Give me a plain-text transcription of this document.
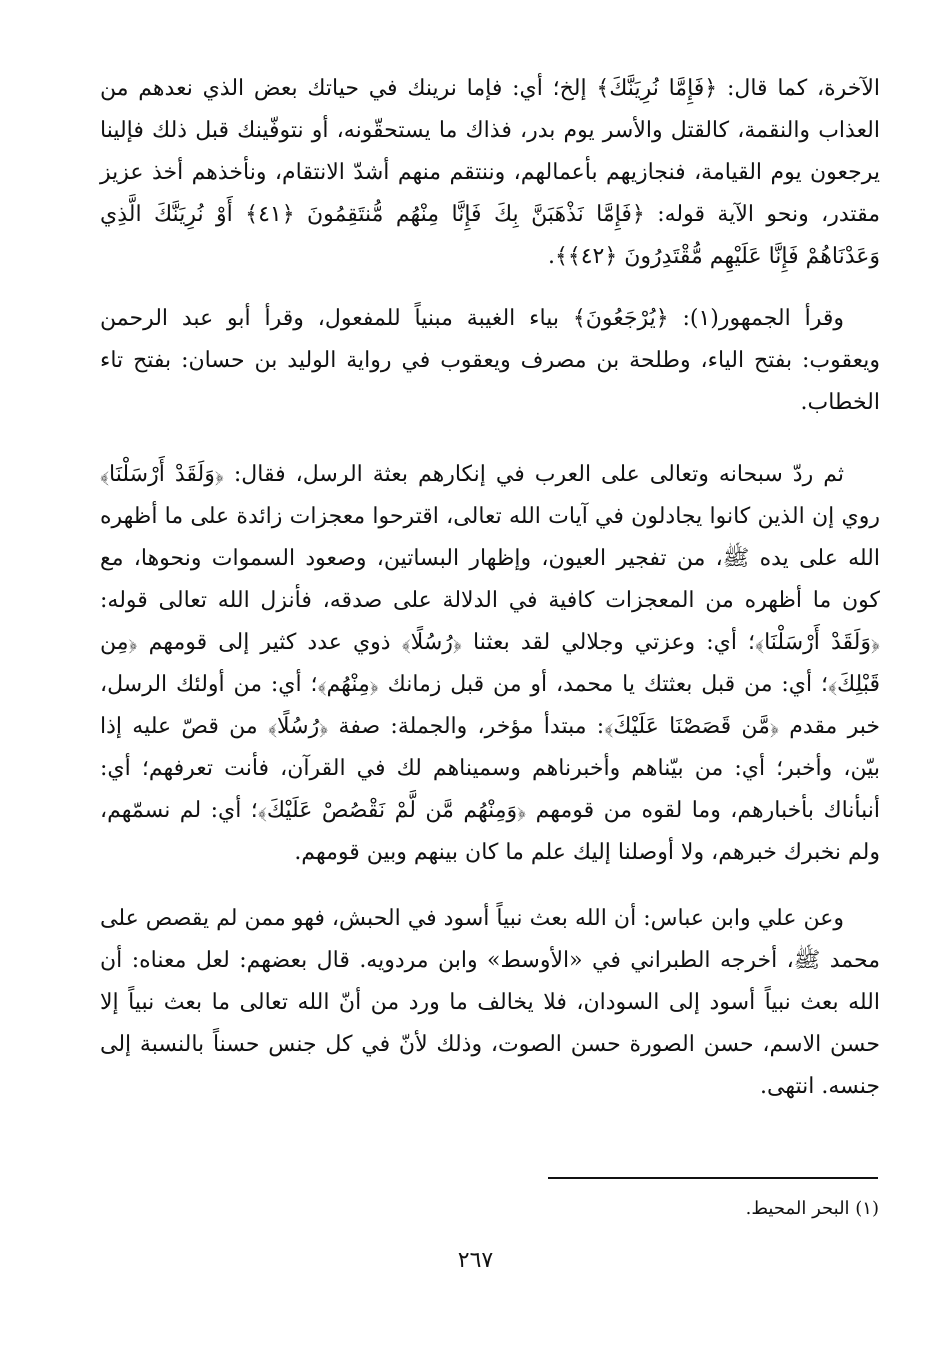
الآخرة، كما قال: ﴿فَإِمَّا نُرِيَنَّكَ﴾ إلخ؛ أي: فإما نرينك في حياتك بعض الذي نعدهم من العذاب والنقمة، كالقتل والأسر يوم بدر، فذاك ما يستحقّونه، أو نتوفّينك قبل ذلك فإلينا يرجعون يوم القيامة، فنجازيهم بأعمالهم، وننتقم منهم أشدّ الانتقام، ونأخذهم أخذ عزيز مقتدر، ونحو الآية قوله: ﴿فَإِمَّا نَذْهَبَنَّ بِكَ فَإِنَّا مِنْهُم مُّنتَقِمُونَ ﴿٤١﴾ أَوْ نُرِيَنَّكَ الَّذِي وَعَدْنَاهُمْ فَإِنَّا عَلَيْهِم مُّقْتَدِرُونَ ﴿٤٢﴾﴾.

وقرأ الجمهور(١): ﴿يُرْجَعُونَ﴾ بياء الغيبة مبنياً للمفعول، وقرأ أبو عبد الرحمن ويعقوب: بفتح الياء، وطلحة بن مصرف ويعقوب في رواية الوليد بن حسان: بفتح تاء الخطاب.

ثم ردّ سبحانه وتعالى على العرب في إنكارهم بعثة الرسل، فقال: ﴿وَلَقَدْ أَرْسَلْنَا﴾ روي إن الذين كانوا يجادلون في آيات الله تعالى، اقترحوا معجزات زائدة على ما أظهره الله على يده ﷺ، من تفجير العيون، وإظهار البساتين، وصعود السموات ونحوها، مع كون ما أظهره من المعجزات كافية في الدلالة على صدقه، فأنزل الله تعالى قوله: ﴿وَلَقَدْ أَرْسَلْنَا﴾؛ أي: وعزتي وجلالي لقد بعثنا ﴿رُسُلًا﴾ ذوي عدد كثير إلى قومهم ﴿مِن قَبْلِكَ﴾؛ أي: من قبل بعثتك يا محمد، أو من قبل زمانك ﴿مِنْهُم﴾؛ أي: من أولئك الرسل، خبر مقدم ﴿مَّن قَصَصْنَا عَلَيْكَ﴾: مبتدأ مؤخر، والجملة: صفة ﴿رُسُلًا﴾ من قصّ عليه إذا بيّن، وأخبر؛ أي: من بيّناهم وأخبرناهم وسميناهم لك في القرآن، فأنت تعرفهم؛ أي: أنبأناك بأخبارهم، وما لقوه من قومهم ﴿وَمِنْهُم مَّن لَّمْ نَقْصُصْ عَلَيْكَ﴾؛ أي: لم نسمّهم، ولم نخبرك خبرهم، ولا أوصلنا إليك علم ما كان بينهم وبين قومهم.

وعن علي وابن عباس: أن الله بعث نبياً أسود في الحبش، فهو ممن لم يقصص على محمد ﷺ، أخرجه الطبراني في «الأوسط» وابن مردويه. قال بعضهم: لعل معناه: أن الله بعث نبياً أسود إلى السودان، فلا يخالف ما ورد من أنّ الله تعالى ما بعث نبياً إلا حسن الاسم، حسن الصورة حسن الصوت، وذلك لأنّ في كل جنس حسناً بالنسبة إلى جنسه. انتهى.

(١) البحر المحيط.
٢٦٧
